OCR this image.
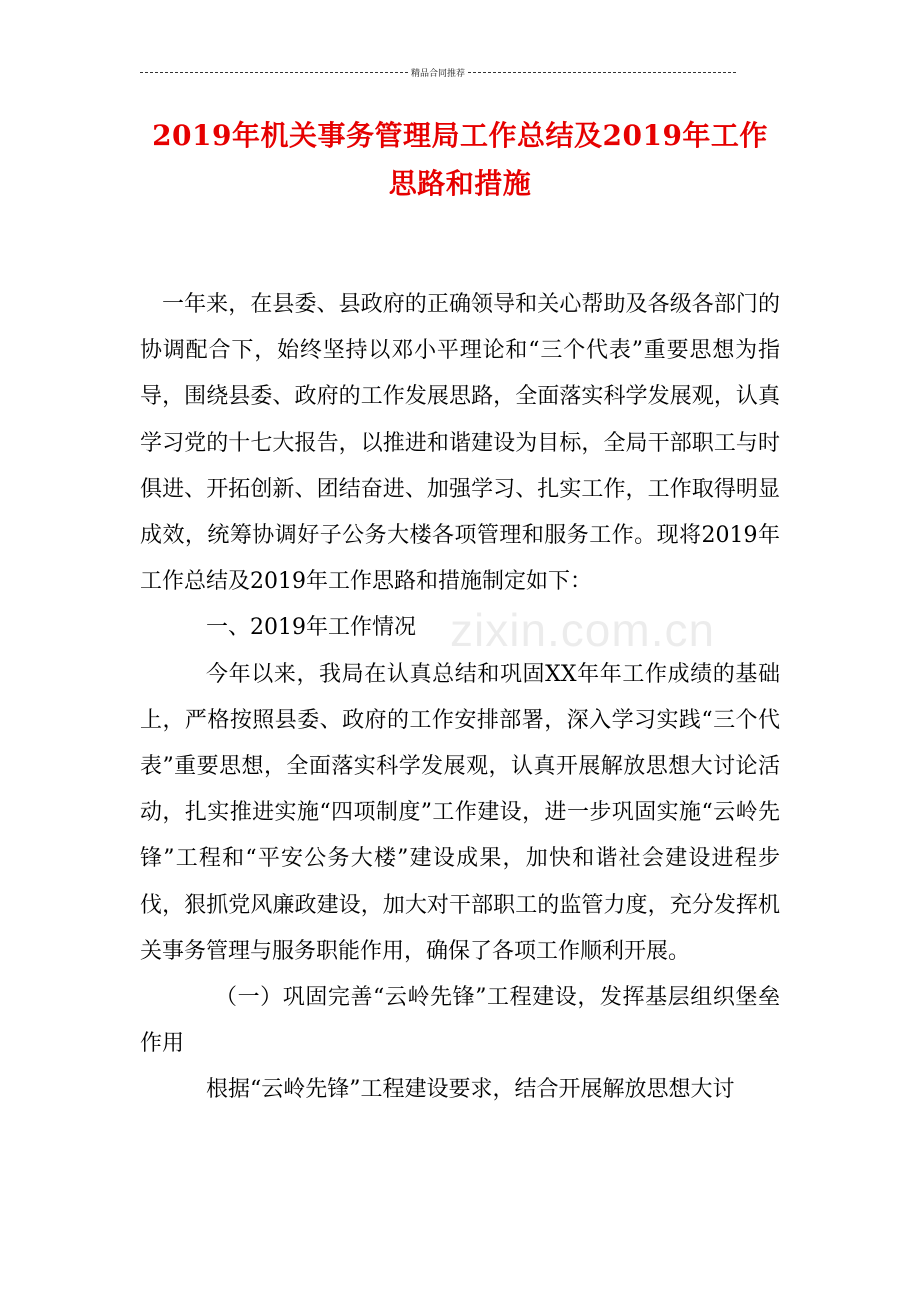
精品合同推荐
2019年机关事务管理局工作总结及2019年工作思路和措施

一年来，在县委、县政府的正确领导和关心帮助及各级各部门的协调配合下，始终坚持以邓小平理论和“三个代表”重要思想为指导，围绕县委、政府的工作发展思路，全面落实科学发展观，认真学习党的十七大报告，以推进和谐建设为目标，全局干部职工与时俱进、开拓创新、团结奋进、加强学习、扎实工作，工作取得明显成效，统筹协调好子公务大楼各项管理和服务工作。现将2019年工作总结及2019年工作思路和措施制定如下：

一、2019年工作情况

今年以来，我局在认真总结和巩固XX年年工作成绩的基础上，严格按照县委、政府的工作安排部署，深入学习实践“三个代表”重要思想，全面落实科学发展观，认真开展解放思想大讨论活动，扎实推进实施“四项制度”工作建设，进一步巩固实施“云岭先锋”工程和“平安公务大楼”建设成果，加快和谐社会建设进程步伐，狠抓党风廉政建设，加大对干部职工的监管力度，充分发挥机关事务管理与服务职能作用，确保了各项工作顺利开展。

（一）巩固完善“云岭先锋”工程建设，发挥基层组织堡垒作用

根据“云岭先锋”工程建设要求，结合开展解放思想大讨

zixin.com.cn
